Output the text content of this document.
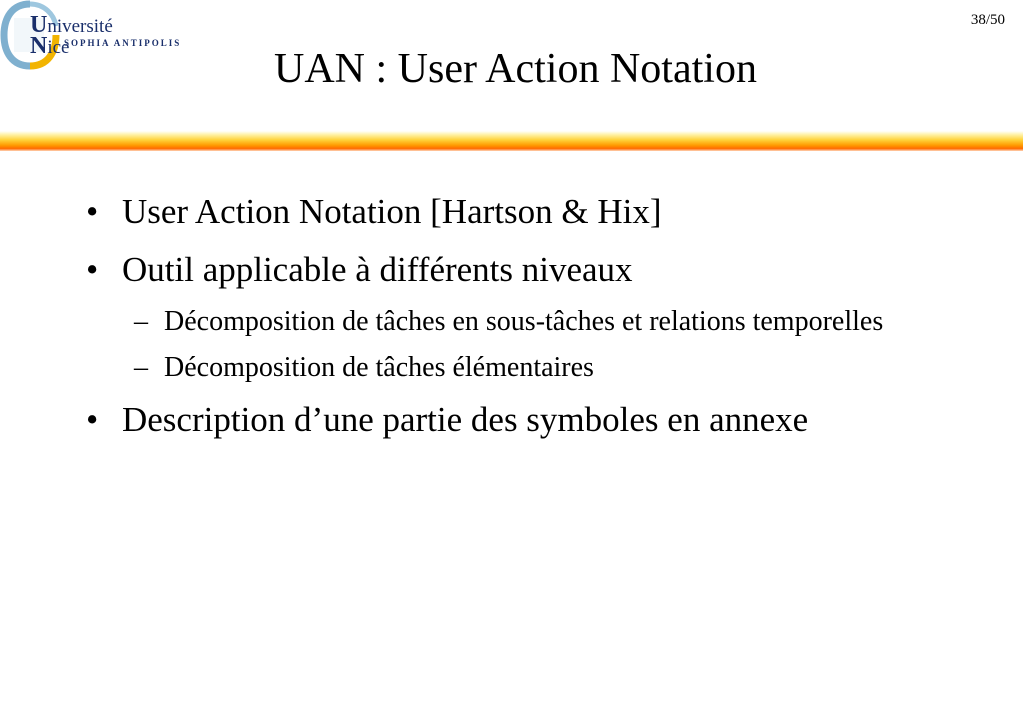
Université
Nice
SOPHIA ANTIPOLIS
38/50
UAN : User Action Notation
• User Action Notation [Hartson & Hix]
• Outil applicable à différents niveaux
– Décomposition de tâches en sous-tâches et relations temporelles
– Décomposition de tâches élémentaires
• Description d’une partie des symboles en annexe
